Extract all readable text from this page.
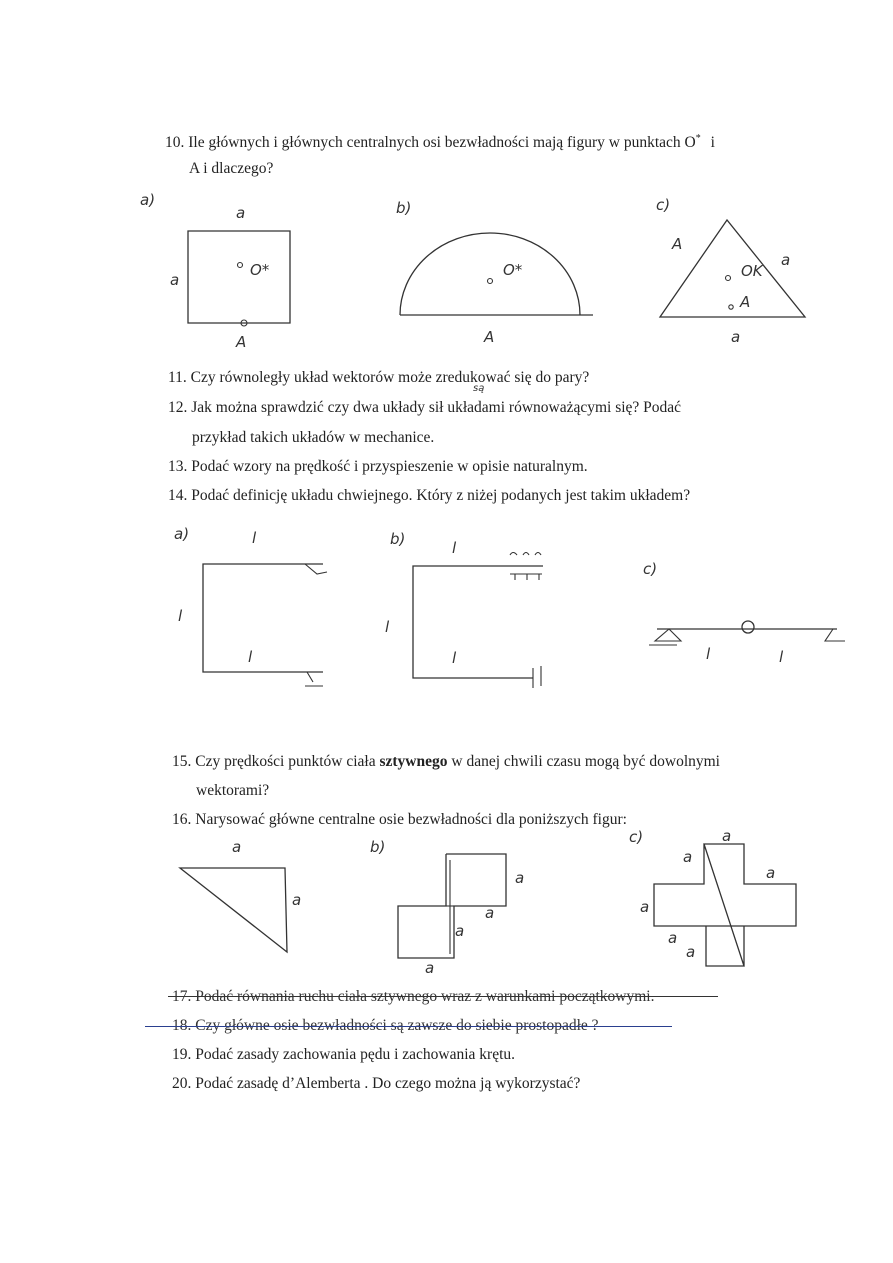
10. Ile głównych i głównych centralnych osi bezwładności mają figury w punktach O* i
A i dlaczego?
a)	b)	c)
a
a
O*
A
O*
A
A
a
OK
A
a
11. Czy równoległy układ wektorów może zredukować się do pary?
12. Jak można sprawdzić czy dwa układy sił układami równoważącymi się? Podać
są
przykład takich układów w mechanice.
13. Podać wzory na prędkość i przyspieszenie w opisie naturalnym.
14. Podać definicję układu chwiejnego. Który z niżej podanych jest takim układem?
a)	b)
c)
l
l
l
l
l
l	l	l
15. Czy prędkości punktów ciała sztywnego w danej chwili czasu mogą być dowolnymi
wektorami?
16. Narysować główne centralne osie bezwładności dla poniższych figur:
a
a
b)
a
a
a
a
c)	a
a
a
a
a
a
17. Podać równania ruchu ciała sztywnego wraz z warunkami początkowymi.
18. Czy główne osie bezwładności są zawsze do siebie prostopadłe ?
19. Podać zasady zachowania pędu i zachowania krętu.
20. Podać zasadę d’Alemberta . Do czego można ją wykorzystać?
